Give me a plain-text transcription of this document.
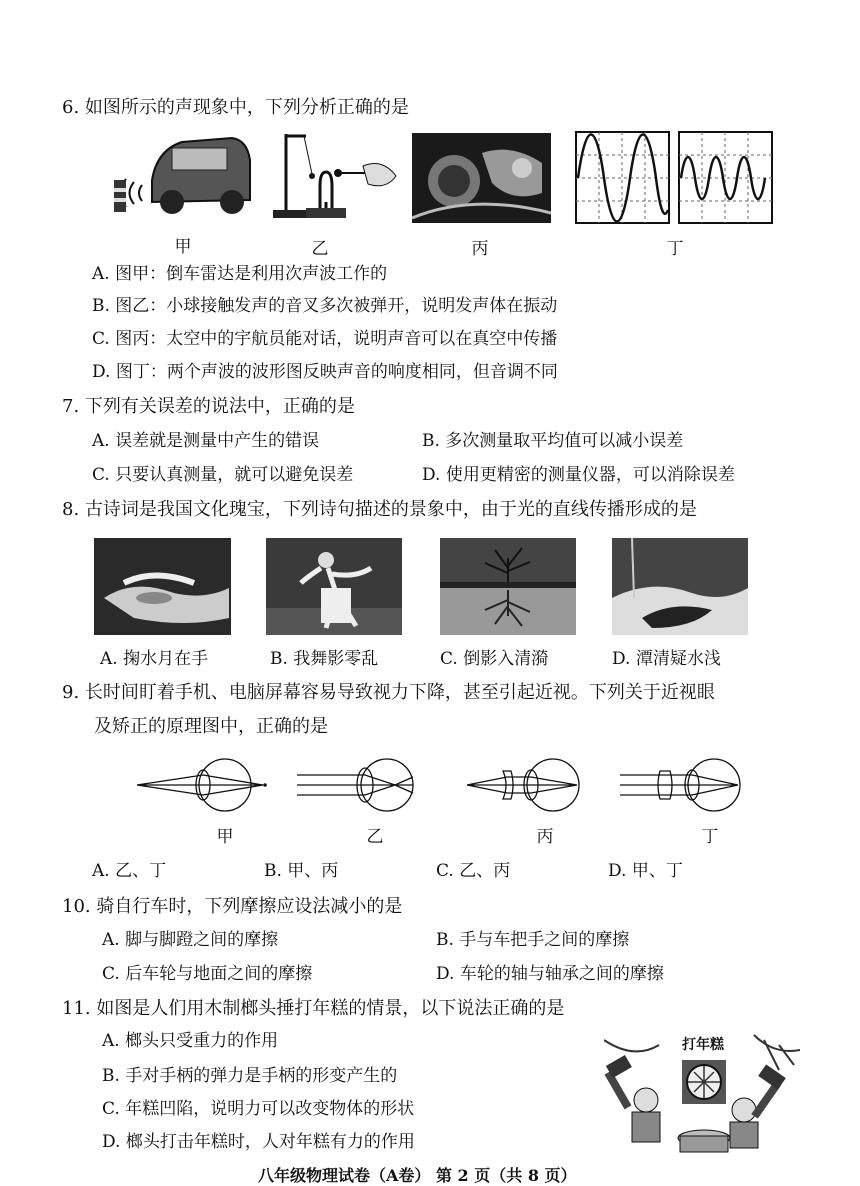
6. 如图所示的声现象中，下列分析正确的是
甲	乙	丙	丁
A. 图甲：倒车雷达是利用次声波工作的
B. 图乙：小球接触发声的音叉多次被弹开，说明发声体在振动
C. 图丙：太空中的宇航员能对话，说明声音可以在真空中传播
D. 图丁：两个声波的波形图反映声音的响度相同，但音调不同
7. 下列有关误差的说法中，正确的是
A. 误差就是测量中产生的错误	B. 多次测量取平均值可以减小误差
C. 只要认真测量，就可以避免误差	D. 使用更精密的测量仪器，可以消除误差
8. 古诗词是我国文化瑰宝，下列诗句描述的景象中，由于光的直线传播形成的是
A. 掬水月在手	B. 我舞影零乱	C. 倒影入清漪	D. 潭清疑水浅
9. 长时间盯着手机、电脑屏幕容易导致视力下降，甚至引起近视。下列关于近视眼
及矫正的原理图中，正确的是
甲	乙	丙	丁
A. 乙、丁	B. 甲、丙	C. 乙、丙	D. 甲、丁
10. 骑自行车时，下列摩擦应设法减小的是
A. 脚与脚蹬之间的摩擦	B. 手与车把手之间的摩擦
C. 后车轮与地面之间的摩擦	D. 车轮的轴与轴承之间的摩擦
11. 如图是人们用木制榔头捶打年糕的情景，以下说法正确的是
A. 榔头只受重力的作用
B. 手对手柄的弹力是手柄的形变产生的
C. 年糕凹陷，说明力可以改变物体的形状
D. 榔头打击年糕时，人对年糕有力的作用
打年糕
八年级物理试卷（A卷） 第 2 页（共 8 页）
